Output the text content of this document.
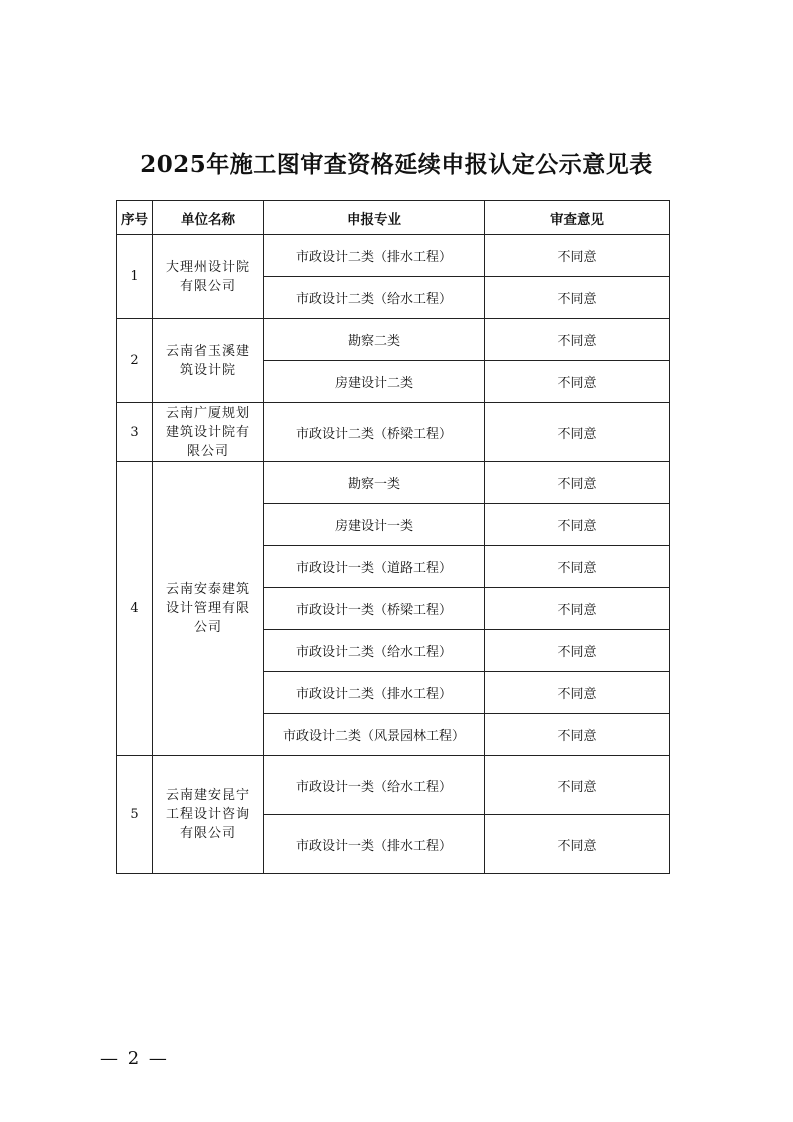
2025年施工图审查资格延续申报认定公示意见表
序号	单位名称	申报专业	审查意见
1	大理州设计院有限公司	市政设计二类（排水工程）	不同意
		市政设计二类（给水工程）	不同意
2	云南省玉溪建筑设计院	勘察二类	不同意
		房建设计二类	不同意
3	云南广厦规划建筑设计院有限公司	市政设计二类（桥梁工程）	不同意
4	云南安泰建筑设计管理有限公司	勘察一类	不同意
		房建设计一类	不同意
		市政设计一类（道路工程）	不同意
		市政设计一类（桥梁工程）	不同意
		市政设计二类（给水工程）	不同意
		市政设计二类（排水工程）	不同意
		市政设计二类（风景园林工程）	不同意
5	云南建安昆宁工程设计咨询有限公司	市政设计一类（给水工程）	不同意
		市政设计一类（排水工程）	不同意
— 2 —
